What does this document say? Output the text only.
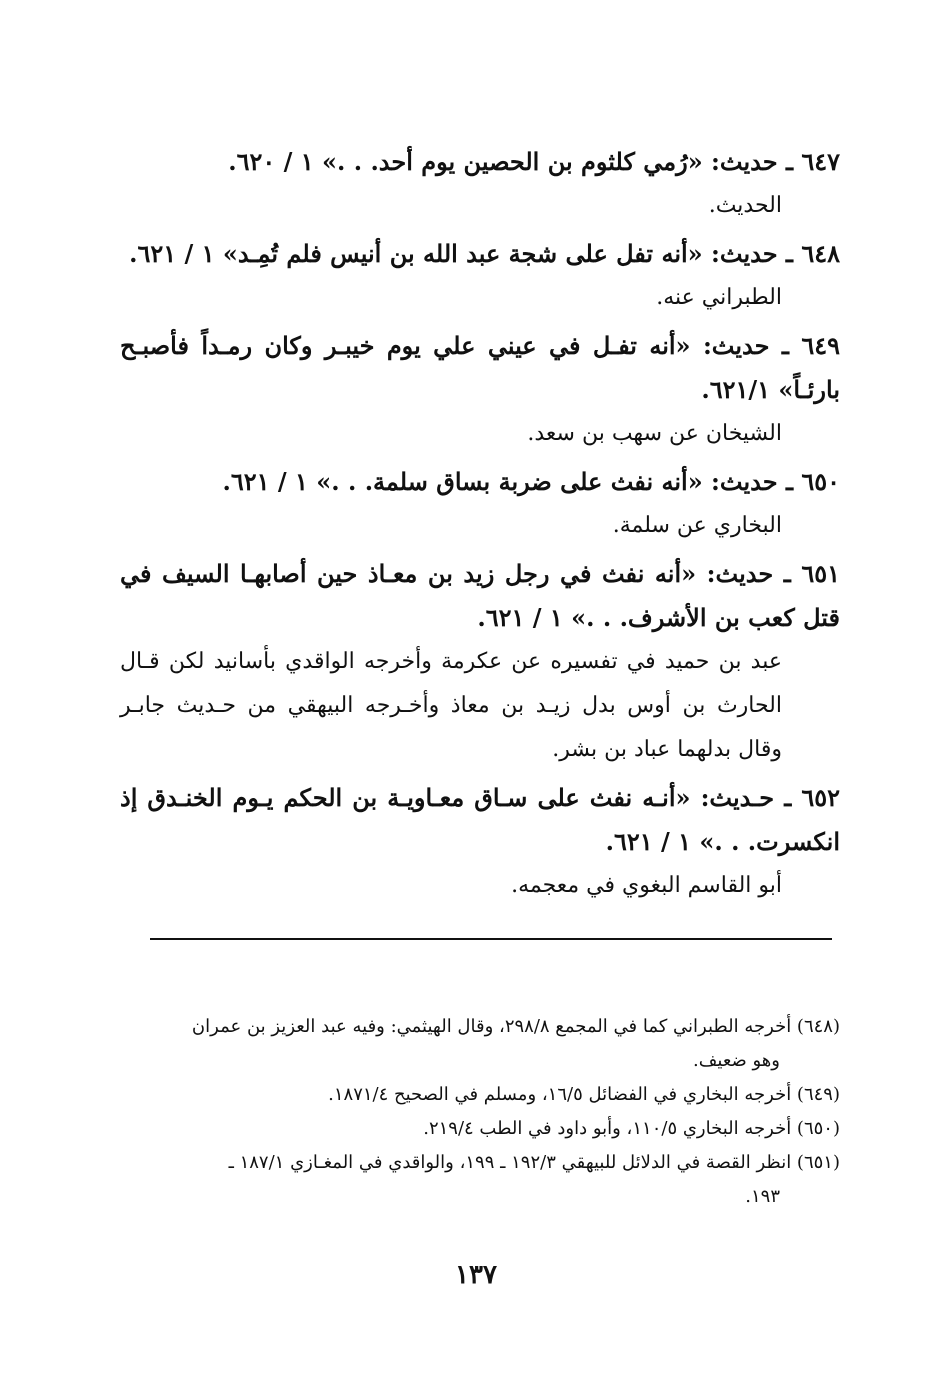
٦٤٧ ـ حديث: «رُمي كلثوم بن الحصين يوم أحد. . .» ١ / ٦٢٠.
الحديث.
٦٤٨ ـ حديث: «أنه تفل على شجة عبد الله بن أنيس فلم تُمِـد» ١ / ٦٢١.
الطبراني عنه.
٦٤٩ ـ حديث: «أنه تفـل في عيني علي يوم خيبـر وكان رمـداً فأصبـح بارئـاً» ٦٢١/١.
الشيخان عن سهب بن سعد.
٦٥٠ ـ حديث: «أنه نفث على ضربة بساق سلمة. . .» ١ / ٦٢١.
البخاري عن سلمة.
٦٥١ ـ حديث: «أنه نفث في رجل زيد بن معـاذ حين أصابهـا السيف في قتل كعب بن الأشرف. . .» ١ / ٦٢١.
عبد بن حميد في تفسيره عن عكرمة وأخرجه الواقدي بأسانيد لكن قـال الحارث بن أوس بدل زيـد بن معاذ وأخـرجه البيهقي من حـديث جابـر وقال بدلهما عباد بن بشر.
٦٥٢ ـ حـديث: «أنـه نفث على سـاق معـاويـة بن الحكم يـوم الخنـدق إذ انكسرت. . .» ١ / ٦٢١.
أبو القاسم البغوي في معجمه.
(٦٤٨) أخرجه الطبراني كما في المجمع ٢٩٨/٨، وقال الهيثمي: وفيه عبد العزيز بن عمران
وهو ضعيف.
(٦٤٩) أخرجه البخاري في الفضائل ١٦/٥، ومسلم في الصحيح ١٨٧١/٤.
(٦٥٠) أخرجه البخاري ١١٠/٥، وأبو داود في الطب ٢١٩/٤.
(٦٥١) انظر القصة في الدلائل للبيهقي ١٩٢/٣ ـ ١٩٩، والواقدي في المغـازي ١٨٧/١ ـ
١٩٣.
١٣٧
